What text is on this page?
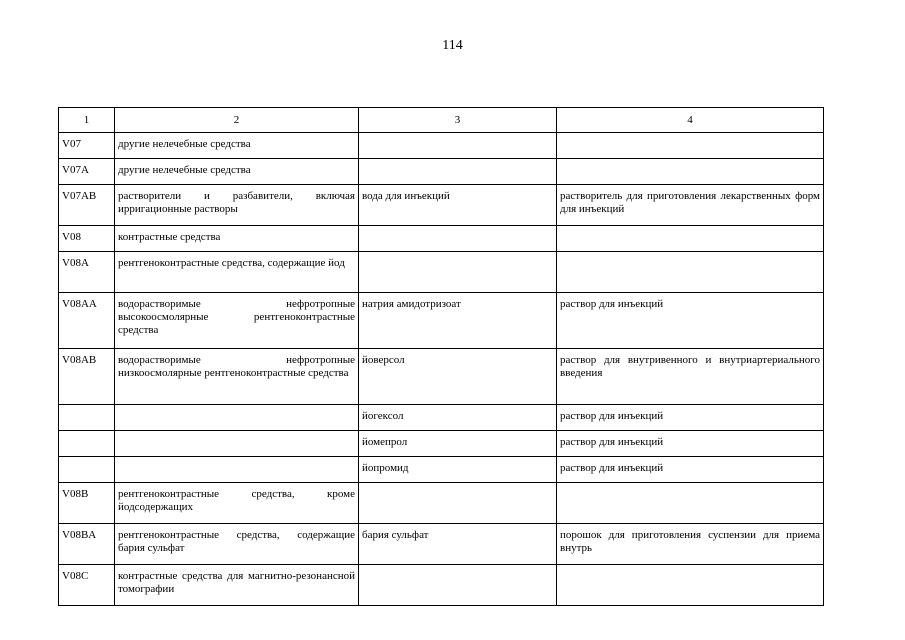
114
1	2	3	4
V07	другие нелечебные средства		
V07A	другие нелечебные средства		
V07AB	растворители и разбавители, включая ирригационные растворы	вода для инъекций	растворитель для приготовления лекарственных форм для инъекций
V08	контрастные средства		
V08A	рентгеноконтрастные средства, содержащие йод		
V08AA	водорастворимые нефротропные высокоосмолярные рентгеноконтрастные средства	натрия амидотризоат	раствор для инъекций
V08AB	водорастворимые нефротропные низкоосмолярные рентгеноконтрастные средства	йоверсол	раствор для внутривенного и внутриартериального введения
		йогексол	раствор для инъекций
		йомепрол	раствор для инъекций
		йопромид	раствор для инъекций
V08B	рентгеноконтрастные средства, кроме йодсодержащих		
V08BA	рентгеноконтрастные средства, содержащие бария сульфат	бария сульфат	порошок для приготовления суспензии для приема внутрь
V08C	контрастные средства для магнитно-резонансной томографии		
